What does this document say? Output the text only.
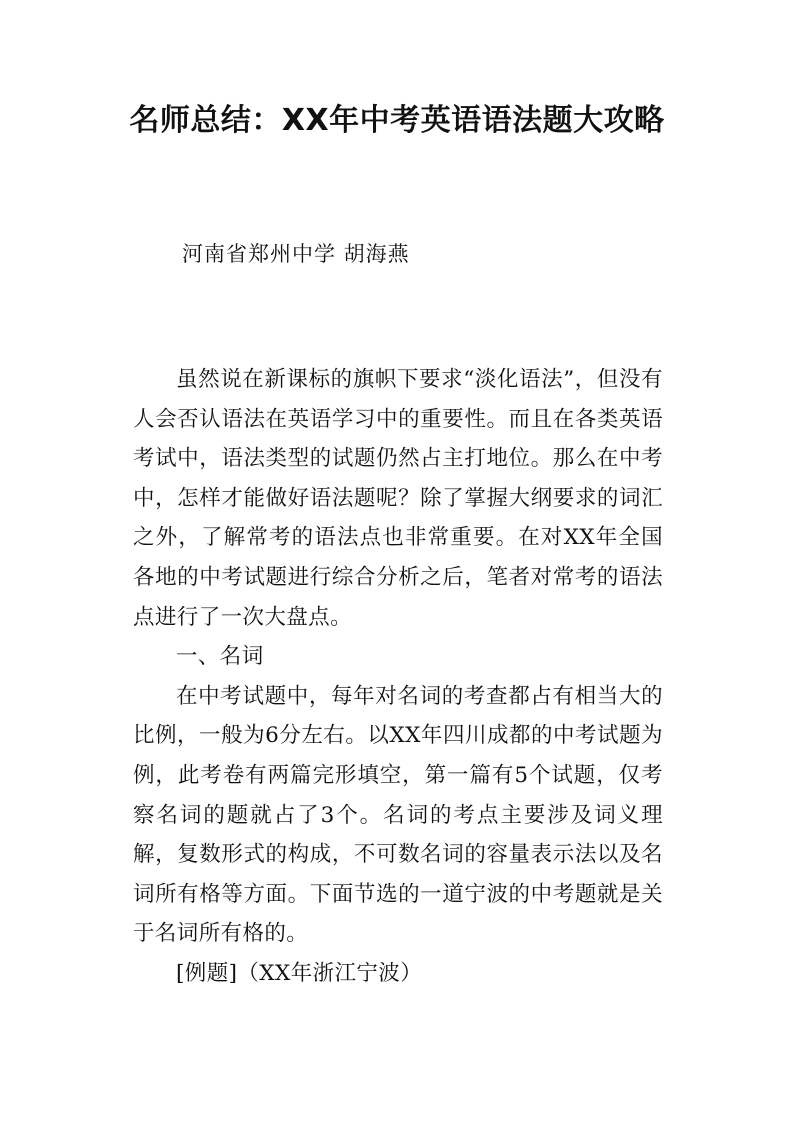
名师总结：XX年中考英语语法题大攻略
河南省郑州中学 胡海燕

虽然说在新课标的旗帜下要求“淡化语法”，但没有人会否认语法在英语学习中的重要性。而且在各类英语考试中，语法类型的试题仍然占主打地位。那么在中考中，怎样才能做好语法题呢？除了掌握大纲要求的词汇之外，了解常考的语法点也非常重要。在对XX年全国各地的中考试题进行综合分析之后，笔者对常考的语法点进行了一次大盘点。

一、名词

在中考试题中，每年对名词的考查都占有相当大的比例，一般为6分左右。以XX年四川成都的中考试题为例，此考卷有两篇完形填空，第一篇有5个试题，仅考察名词的题就占了3个。名词的考点主要涉及词义理解，复数形式的构成，不可数名词的容量表示法以及名词所有格等方面。下面节选的一道宁波的中考题就是关于名词所有格的。

[例题]（XX年浙江宁波）
